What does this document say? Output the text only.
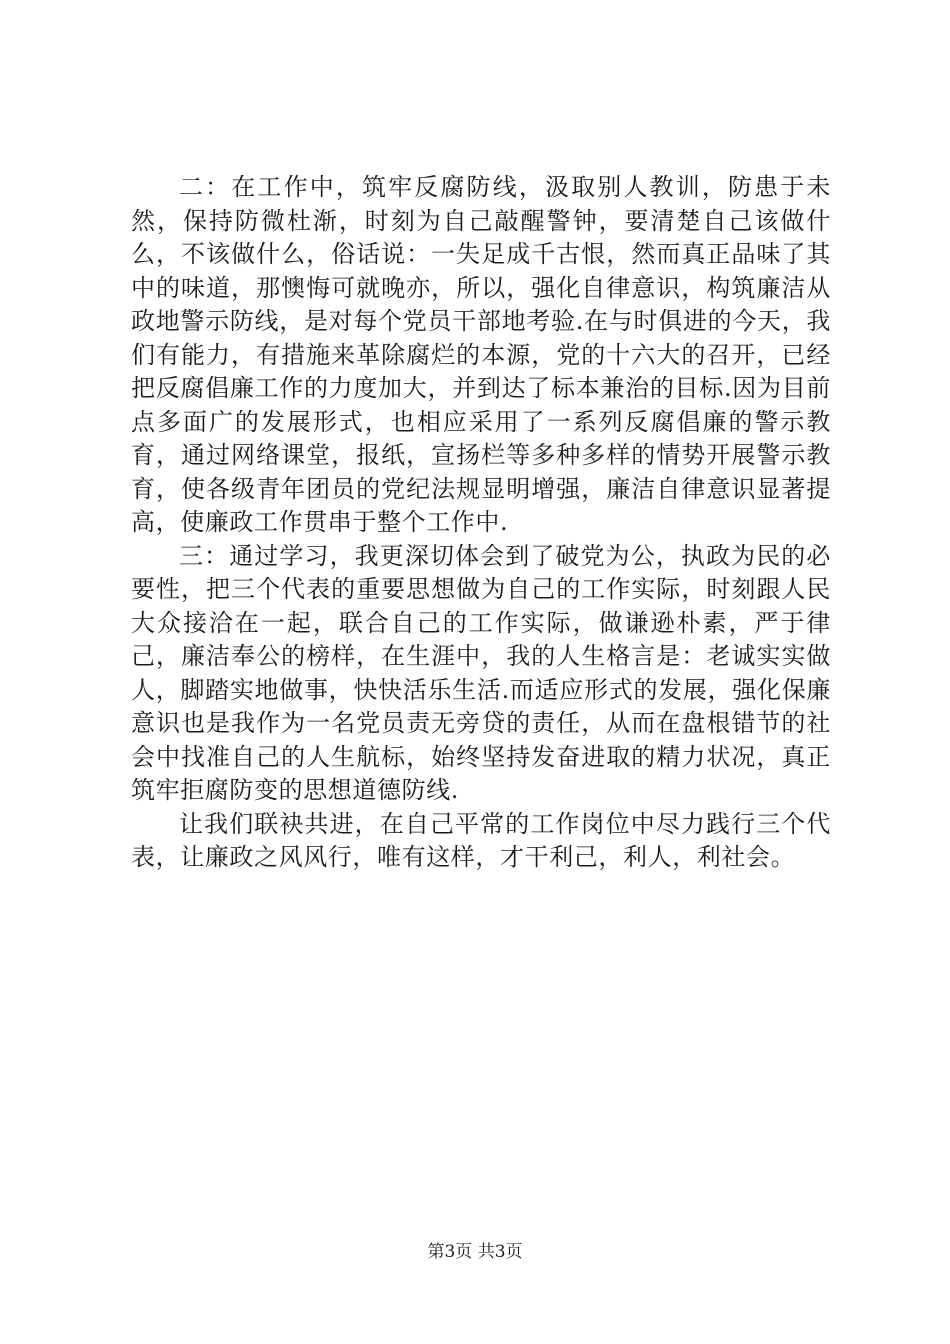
二：在工作中，筑牢反腐防线，汲取别人教训，防患于未然，保持防微杜渐，时刻为自己敲醒警钟，要清楚自己该做什么，不该做什么，俗话说：一失足成千古恨，然而真正品味了其中的味道，那懊悔可就晚亦，所以，强化自律意识，构筑廉洁从政地警示防线，是对每个党员干部地考验.在与时俱进的今天，我们有能力，有措施来革除腐烂的本源，党的十六大的召开，已经把反腐倡廉工作的力度加大，并到达了标本兼治的目标.因为目前点多面广的发展形式，也相应采用了一系列反腐倡廉的警示教育，通过网络课堂，报纸，宣扬栏等多种多样的情势开展警示教育，使各级青年团员的党纪法规显明增强，廉洁自律意识显著提高，使廉政工作贯串于整个工作中.

三：通过学习，我更深切体会到了破党为公，执政为民的必要性，把三个代表的重要思想做为自己的工作实际，时刻跟人民大众接洽在一起，联合自己的工作实际，做谦逊朴素，严于律己，廉洁奉公的榜样，在生涯中，我的人生格言是：老诚实实做人，脚踏实地做事，快快活乐生活.而适应形式的发展，强化保廉意识也是我作为一名党员责无旁贷的责任，从而在盘根错节的社会中找准自己的人生航标，始终坚持发奋进取的精力状况，真正筑牢拒腐防变的思想道德防线.

让我们联袂共进，在自己平常的工作岗位中尽力践行三个代表，让廉政之风风行，唯有这样，才干利己，利人，利社会。

第3页 共3页
